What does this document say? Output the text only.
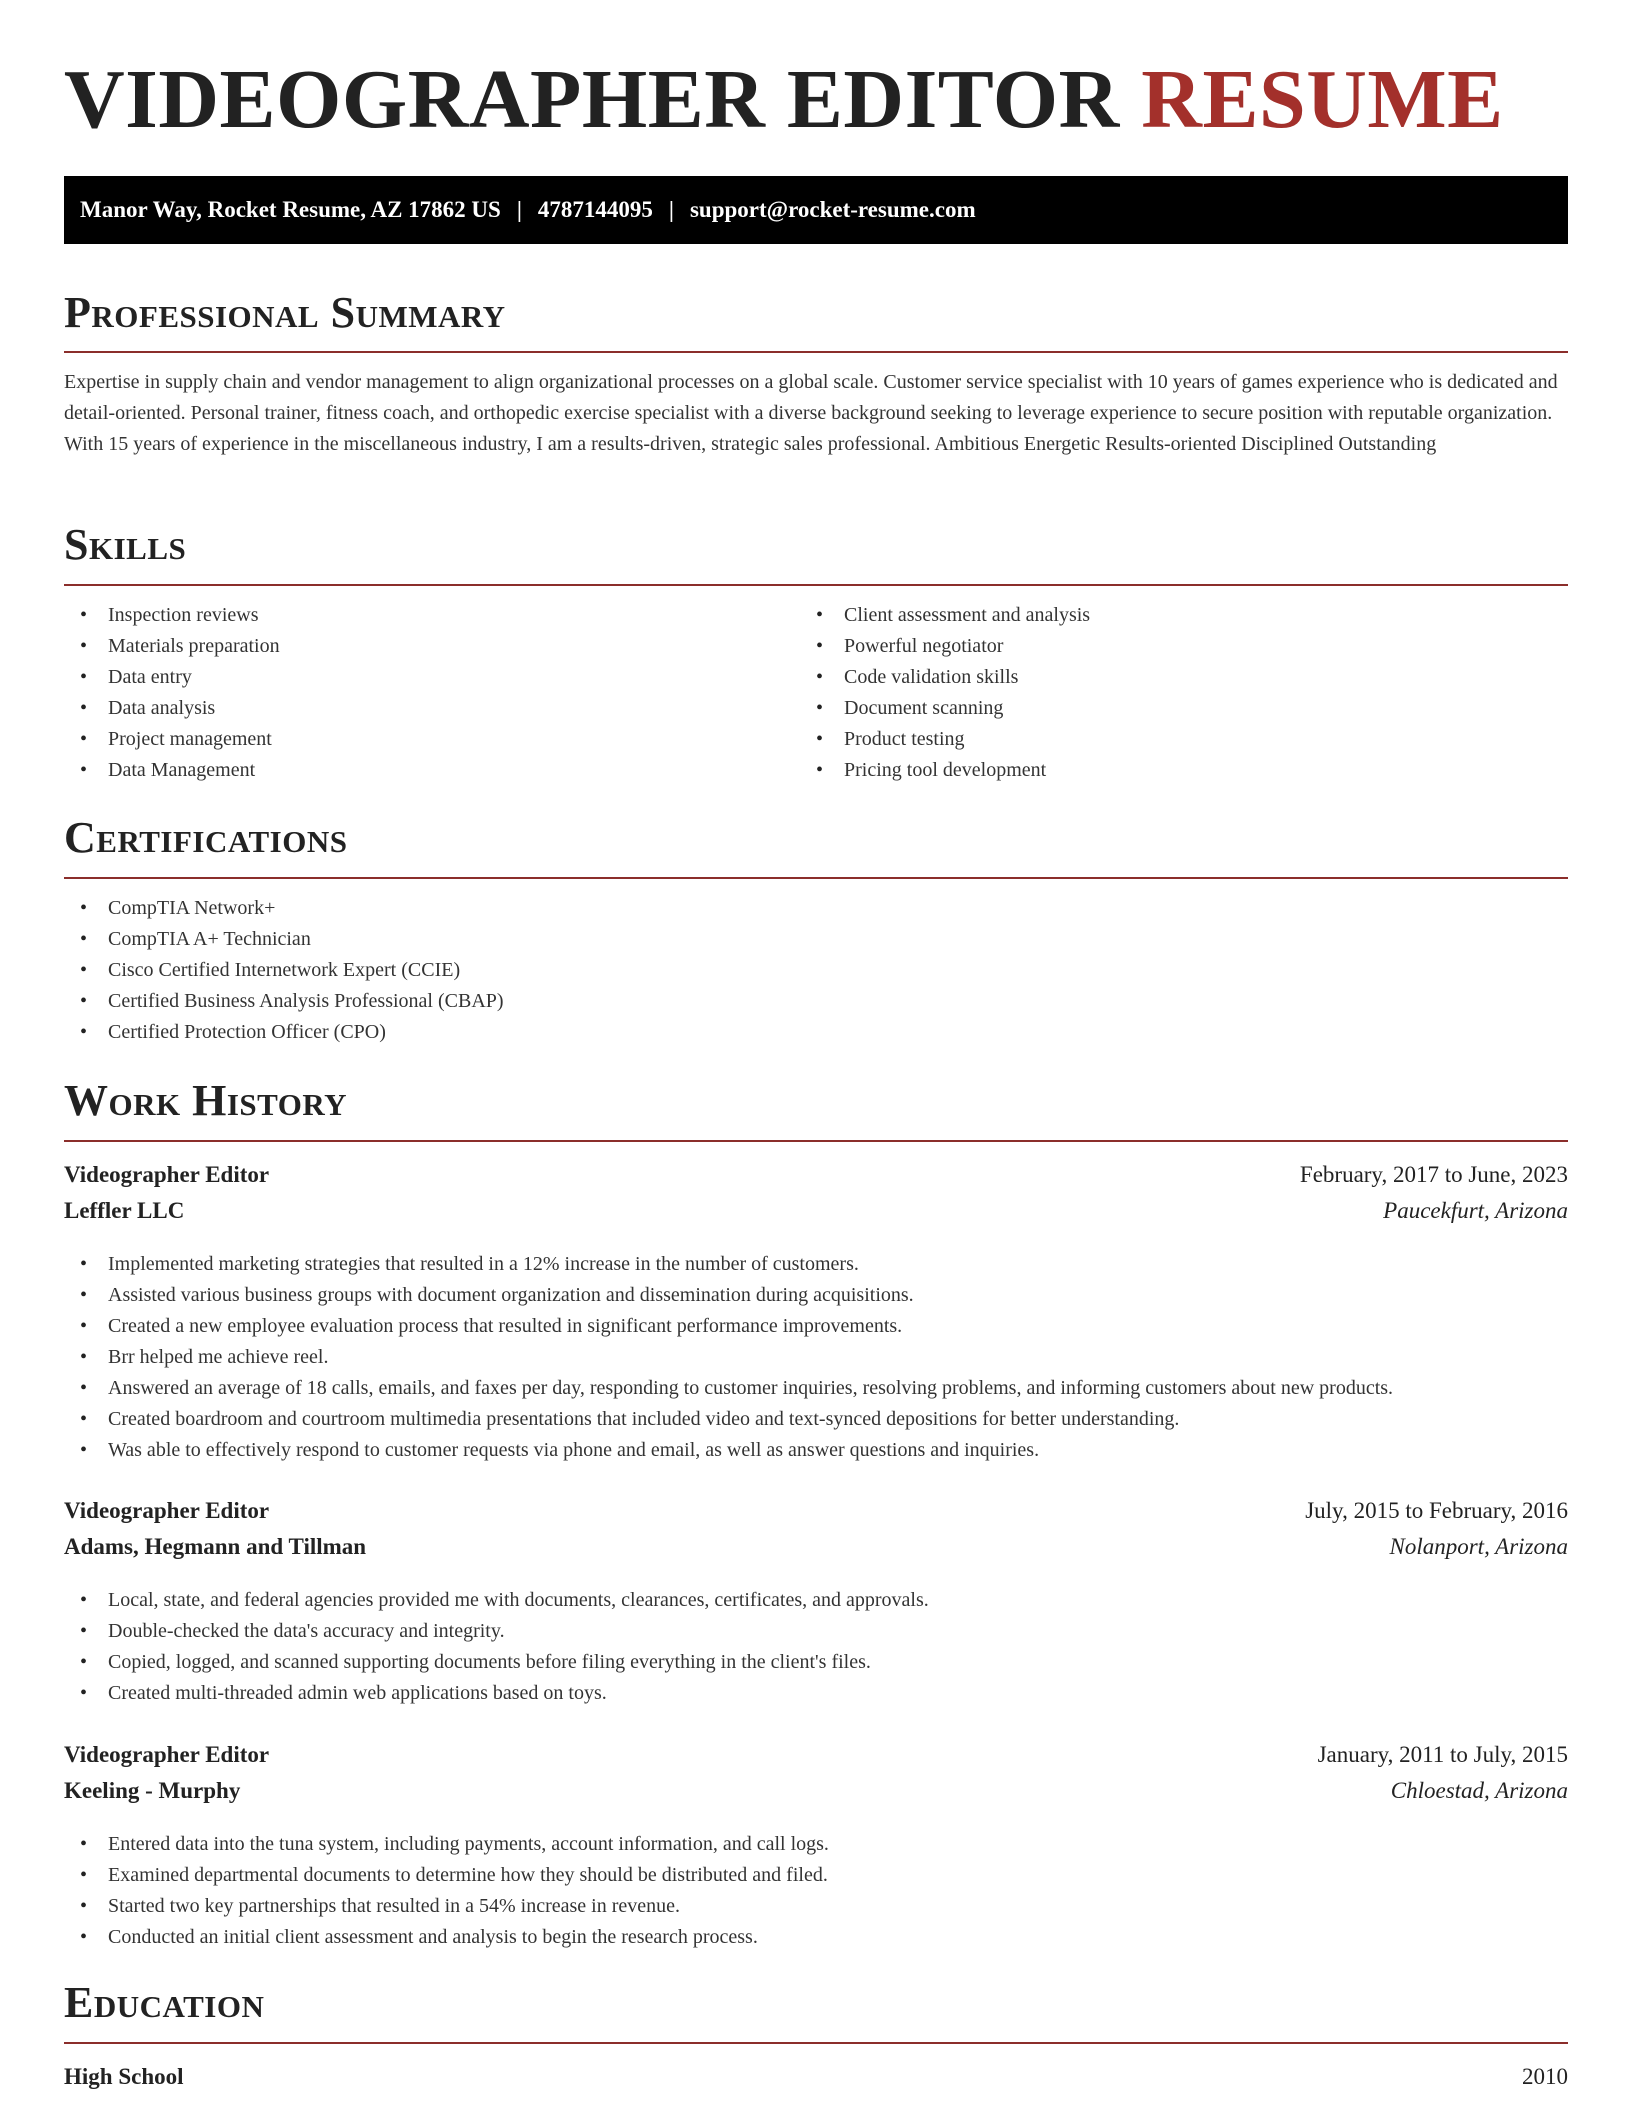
VIDEOGRAPHER EDITOR RESUME
Manor Way, Rocket Resume, AZ 17862 US | 4787144095 | support@rocket-resume.com
Professional Summary

Expertise in supply chain and vendor management to align organizational processes on a global scale. Customer service specialist with 10 years of games experience who is dedicated and detail-oriented. Personal trainer, fitness coach, and orthopedic exercise specialist with a diverse background seeking to leverage experience to secure position with reputable organization. With 15 years of experience in the miscellaneous industry, I am a results-driven, strategic sales professional. Ambitious Energetic Results-oriented Disciplined Outstanding

Skills
• Inspection reviews
• Materials preparation
• Data entry
• Data analysis
• Project management
• Data Management
• Client assessment and analysis
• Powerful negotiator
• Code validation skills
• Document scanning
• Product testing
• Pricing tool development
Certifications
• CompTIA Network+
• CompTIA A+ Technician
• Cisco Certified Internetwork Expert (CCIE)
• Certified Business Analysis Professional (CBAP)
• Certified Protection Officer (CPO)
Work History
Videographer Editor	February, 2017 to June, 2023
Leffler LLC	Paucekfurt, Arizona
• Implemented marketing strategies that resulted in a 12% increase in the number of customers.
• Assisted various business groups with document organization and dissemination during acquisitions.
• Created a new employee evaluation process that resulted in significant performance improvements.
• Brr helped me achieve reel.
• Answered an average of 18 calls, emails, and faxes per day, responding to customer inquiries, resolving problems, and informing customers about new products.
• Created boardroom and courtroom multimedia presentations that included video and text-synced depositions for better understanding.
• Was able to effectively respond to customer requests via phone and email, as well as answer questions and inquiries.
Videographer Editor	July, 2015 to February, 2016
Adams, Hegmann and Tillman	Nolanport, Arizona
• Local, state, and federal agencies provided me with documents, clearances, certificates, and approvals.
• Double-checked the data's accuracy and integrity.
• Copied, logged, and scanned supporting documents before filing everything in the client's files.
• Created multi-threaded admin web applications based on toys.
Videographer Editor	January, 2011 to July, 2015
Keeling - Murphy	Chloestad, Arizona
• Entered data into the tuna system, including payments, account information, and call logs.
• Examined departmental documents to determine how they should be distributed and filed.
• Started two key partnerships that resulted in a 54% increase in revenue.
• Conducted an initial client assessment and analysis to begin the research process.
Education
High School	2010
